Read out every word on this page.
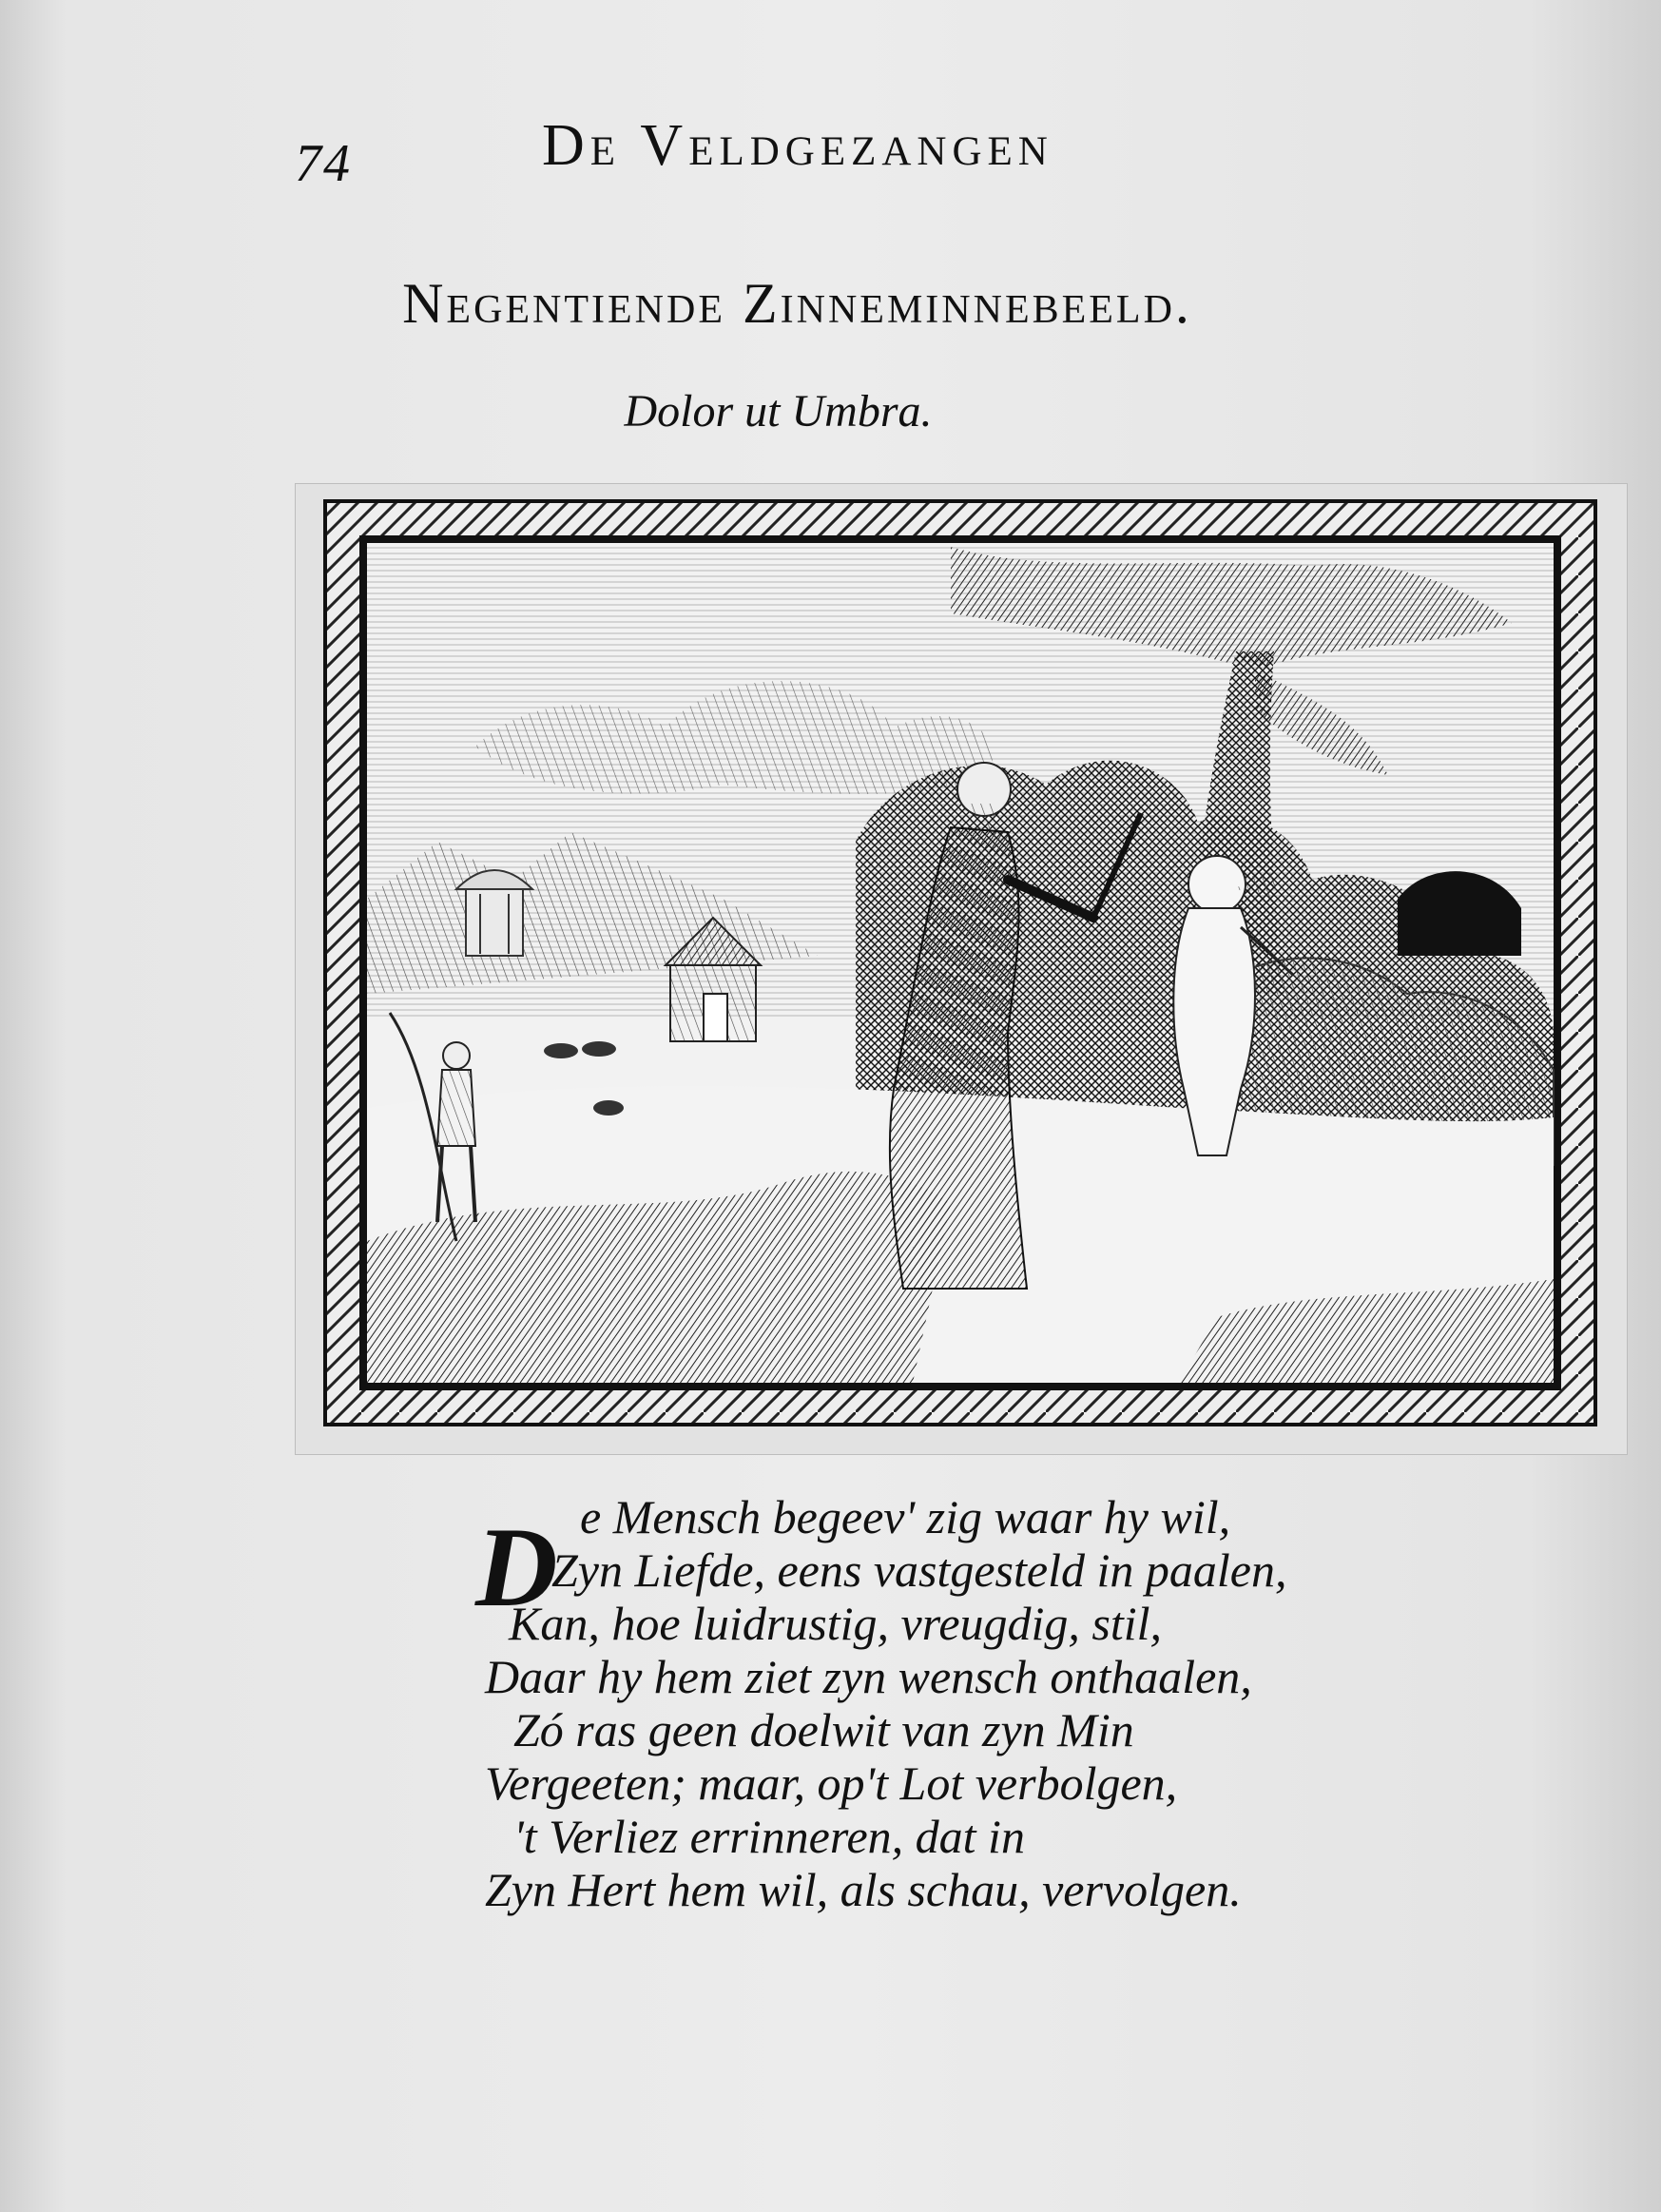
74	De Veldgezangen
Negentiende Zinneminnebeeld.
Dolor ut Umbra.
D e Mensch begeev' zig waar hy wil,
Zyn Liefde, eens vastgesteld in paalen,
Kan, hoe luidrustig, vreugdig, stil,
Daar hy hem ziet zyn wensch onthaalen,
Zó ras geen doelwit van zyn Min
Vergeeten; maar, op't Lot verbolgen,
't Verliez errinneren, dat in
Zyn Hert hem wil, als schau, vervolgen.
